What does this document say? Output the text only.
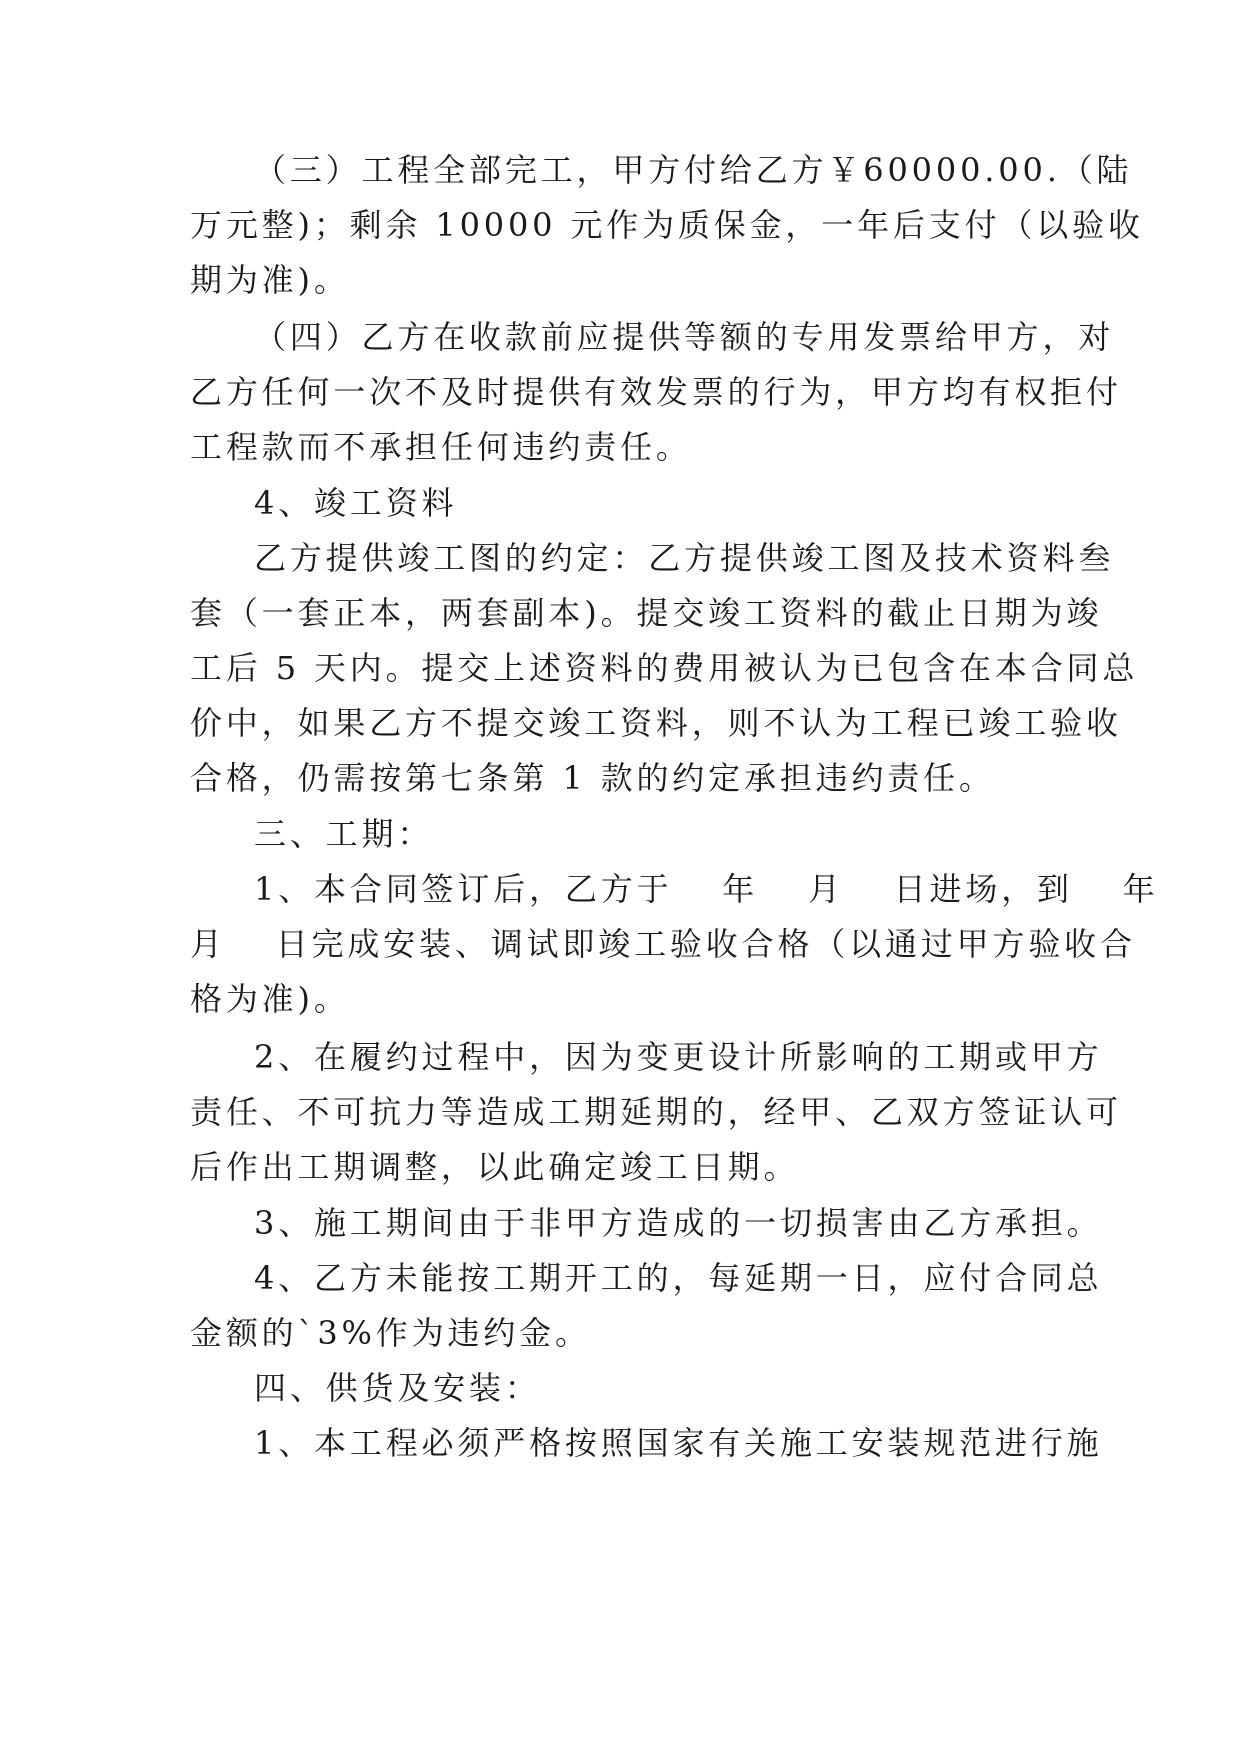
（三）工程全部完工，甲方付给乙方￥60000.00.（陆
万元整)；剩余 10000 元作为质保金，一年后支付（以验收
期为准)。
（四）乙方在收款前应提供等额的专用发票给甲方，对
乙方任何一次不及时提供有效发票的行为，甲方均有权拒付
工程款而不承担任何违约责任。
4、竣工资料
乙方提供竣工图的约定：乙方提供竣工图及技术资料叁
套（一套正本，两套副本)。提交竣工资料的截止日期为竣
工后 5 天内。提交上述资料的费用被认为已包含在本合同总
价中，如果乙方不提交竣工资料，则不认为工程已竣工验收
合格，仍需按第七条第 1 款的约定承担违约责任。
三、工期：
1、本合同签订后，乙方于　 年　 月　 日进场，到　 年
月　 日完成安装、调试即竣工验收合格（以通过甲方验收合
格为准)。
2、在履约过程中，因为变更设计所影响的工期或甲方
责任、不可抗力等造成工期延期的，经甲、乙双方签证认可
后作出工期调整，以此确定竣工日期。
3、施工期间由于非甲方造成的一切损害由乙方承担。
4、乙方未能按工期开工的，每延期一日，应付合同总
金额的`3%作为违约金。
四、供货及安装：
1、本工程必须严格按照国家有关施工安装规范进行施
